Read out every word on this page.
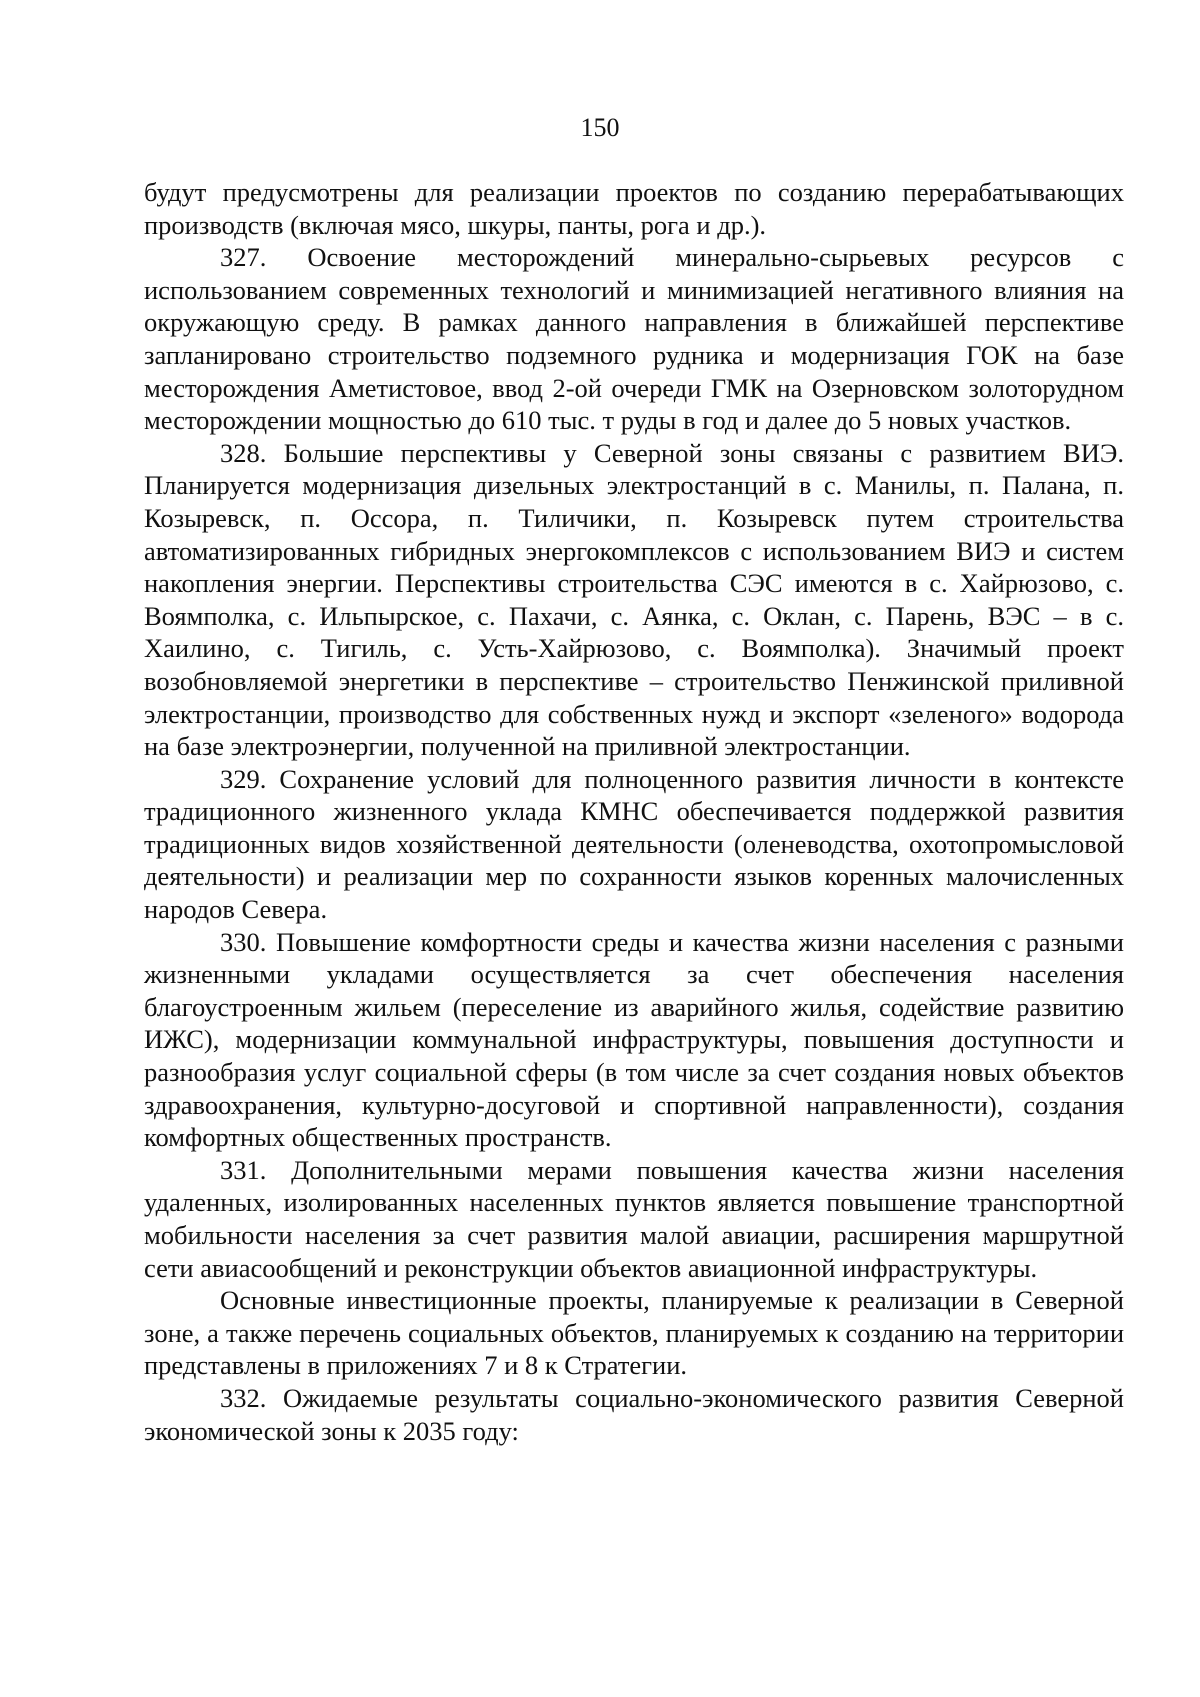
150

будут предусмотрены для реализации проектов по созданию перерабатывающих производств (включая мясо, шкуры, панты, рога и др.).

327. Освоение месторождений минерально-сырьевых ресурсов с использованием современных технологий и минимизацией негативного влияния на окружающую среду. В рамках данного направления в ближайшей перспективе запланировано строительство подземного рудника и модернизация ГОК на базе месторождения Аметистовое, ввод 2-ой очереди ГМК на Озерновском золоторудном месторождении мощностью до 610 тыс. т руды в год и далее до 5 новых участков.

328. Большие перспективы у Северной зоны связаны с развитием ВИЭ. Планируется модернизация дизельных электростанций в с. Манилы, п. Палана, п. Козыревск, п. Оссора, п. Тиличики, п. Козыревск путем строительства автоматизированных гибридных энергокомплексов с использованием ВИЭ и систем накопления энергии. Перспективы строительства СЭС имеются в с. Хайрюзово, с. Воямполка, с. Ильпырское, с. Пахачи, с. Аянка, с. Оклан, с. Парень, ВЭС – в с. Хаилино, с. Тигиль, с. Усть-Хайрюзово, с. Воямполка). Значимый проект возобновляемой энергетики в перспективе – строительство Пенжинской приливной электростанции, производство для собственных нужд и экспорт «зеленого» водорода на базе электроэнергии, полученной на приливной электростанции.

329. Сохранение условий для полноценного развития личности в контексте традиционного жизненного уклада КМНС обеспечивается поддержкой развития традиционных видов хозяйственной деятельности (оленеводства, охотопромысловой деятельности) и реализации мер по сохранности языков коренных малочисленных народов Севера.

330. Повышение комфортности среды и качества жизни населения с разными жизненными укладами осуществляется за счет обеспечения населения благоустроенным жильем (переселение из аварийного жилья, содействие развитию ИЖС), модернизации коммунальной инфраструктуры, повышения доступности и разнообразия услуг социальной сферы (в том числе за счет создания новых объектов здравоохранения, культурно-досуговой и спортивной направленности), создания комфортных общественных пространств.

331. Дополнительными мерами повышения качества жизни населения удаленных, изолированных населенных пунктов является повышение транспортной мобильности населения за счет развития малой авиации, расширения маршрутной сети авиасообщений и реконструкции объектов авиационной инфраструктуры.

Основные инвестиционные проекты, планируемые к реализации в Северной зоне, а также перечень социальных объектов, планируемых к созданию на территории представлены в приложениях 7 и 8 к Стратегии.

332. Ожидаемые результаты социально-экономического развития Северной экономической зоны к 2035 году:
